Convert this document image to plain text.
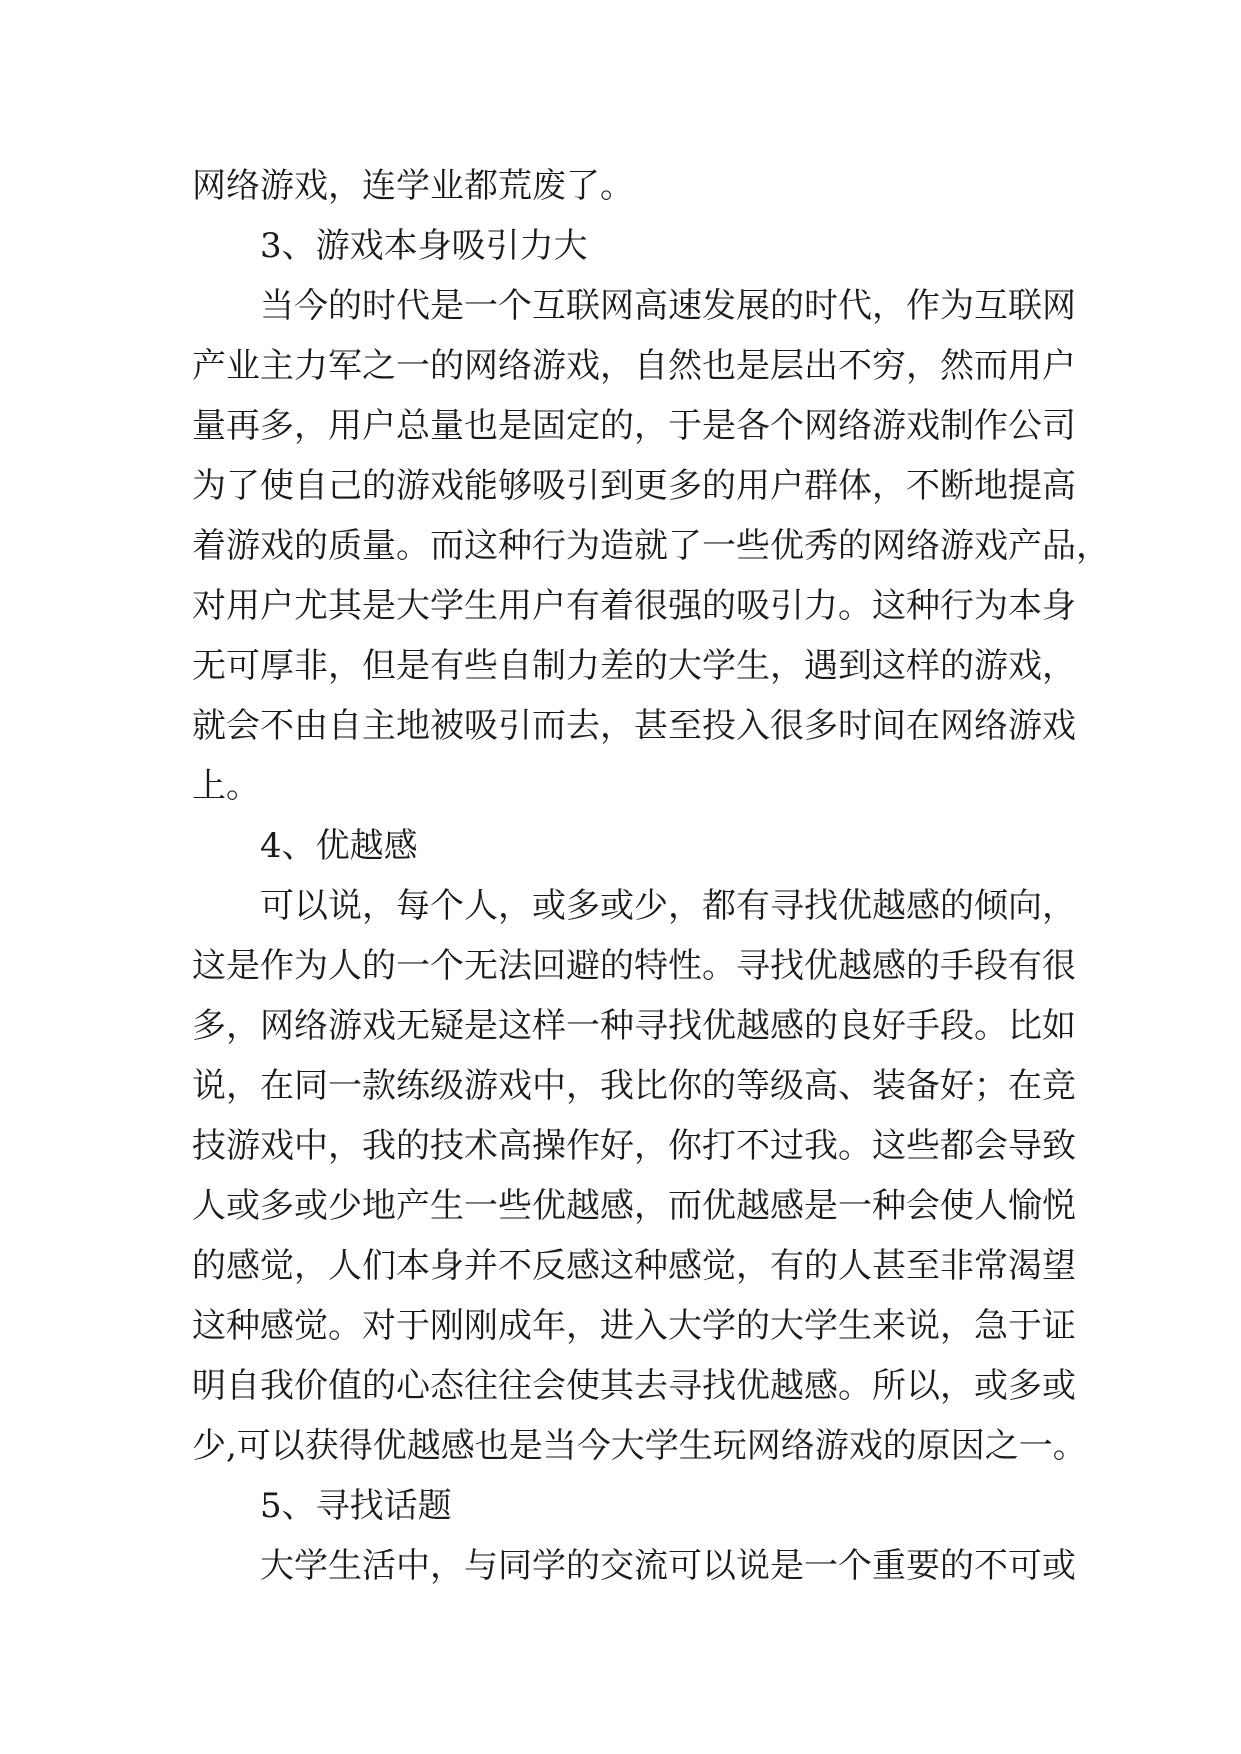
网络游戏，连学业都荒废了。
3、游戏本身吸引力大
当今的时代是一个互联网高速发展的时代，作为互联网
产业主力军之一的网络游戏，自然也是层出不穷，然而用户
量再多，用户总量也是固定的，于是各个网络游戏制作公司
为了使自己的游戏能够吸引到更多的用户群体，不断地提高
着游戏的质量。而这种行为造就了一些优秀的网络游戏产品，
对用户尤其是大学生用户有着很强的吸引力。这种行为本身
无可厚非，但是有些自制力差的大学生，遇到这样的游戏，
就会不由自主地被吸引而去，甚至投入很多时间在网络游戏
上。
4、优越感
可以说，每个人，或多或少，都有寻找优越感的倾向，
这是作为人的一个无法回避的特性。寻找优越感的手段有很
多，网络游戏无疑是这样一种寻找优越感的良好手段。比如
说，在同一款练级游戏中，我比你的等级高、装备好；在竞
技游戏中，我的技术高操作好，你打不过我。这些都会导致
人或多或少地产生一些优越感，而优越感是一种会使人愉悦
的感觉，人们本身并不反感这种感觉，有的人甚至非常渴望
这种感觉。对于刚刚成年，进入大学的大学生来说，急于证
明自我价值的心态往往会使其去寻找优越感。所以，或多或
少,可以获得优越感也是当今大学生玩网络游戏的原因之一。
5、寻找话题
大学生活中，与同学的交流可以说是一个重要的不可或
